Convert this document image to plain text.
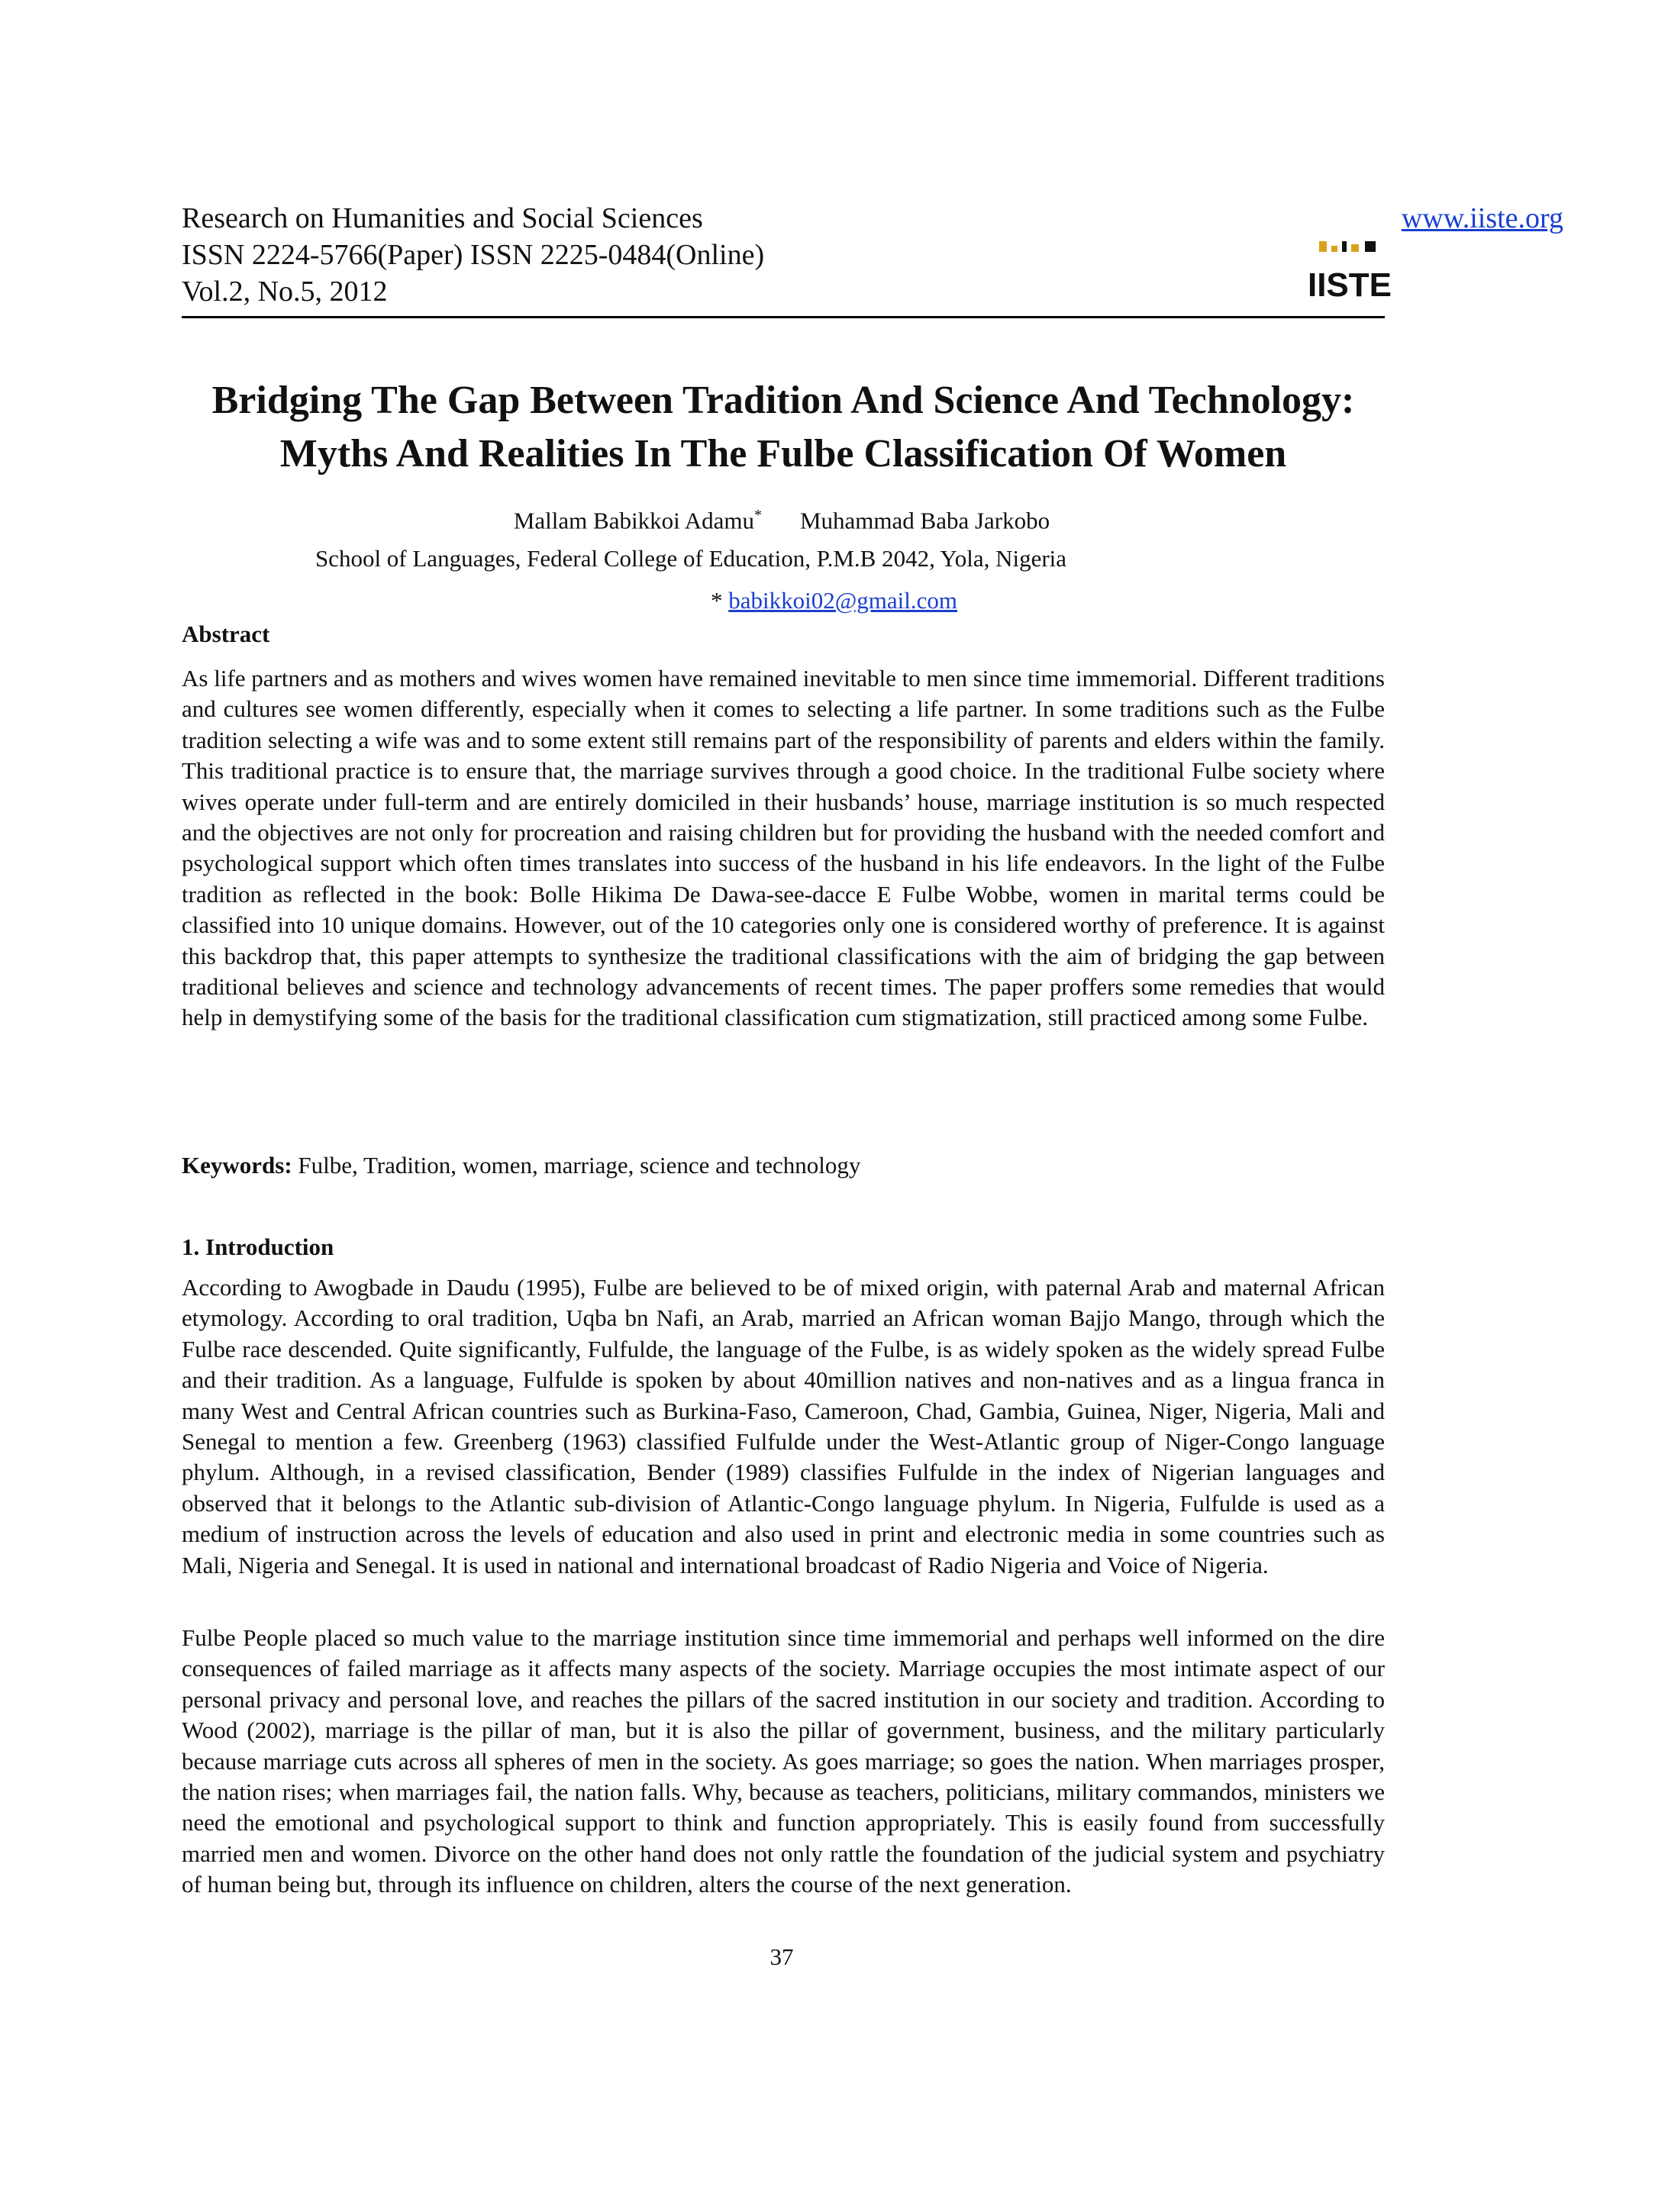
Research on Humanities and Social Sciences
ISSN 2224-5766(Paper) ISSN 2225-0484(Online)
Vol.2, No.5, 2012
www.iiste.org
IISTE
Bridging The Gap Between Tradition And Science And Technology:
Myths And Realities In The Fulbe Classification Of Women
Mallam Babikkoi Adamu* Muhammad Baba Jarkobo
School of Languages, Federal College of Education, P.M.B 2042, Yola, Nigeria
* babikkoi02@gmail.com
Abstract
As life partners and as mothers and wives women have remained inevitable to men since time immemorial. Different traditions and cultures see women differently, especially when it comes to selecting a life partner. In some traditions such as the Fulbe tradition selecting a wife was and to some extent still remains part of the responsibility of parents and elders within the family. This traditional practice is to ensure that, the marriage survives through a good choice. In the traditional Fulbe society where wives operate under full-term and are entirely domiciled in their husbands’ house, marriage institution is so much respected and the objectives are not only for procreation and raising children but for providing the husband with the needed comfort and psychological support which often times translates into success of the husband in his life endeavors. In the light of the Fulbe tradition as reflected in the book: Bolle Hikima De Dawa-see-dacce E Fulbe Wobbe, women in marital terms could be classified into 10 unique domains. However, out of the 10 categories only one is considered worthy of preference. It is against this backdrop that, this paper attempts to synthesize the traditional classifications with the aim of bridging the gap between traditional believes and science and technology advancements of recent times. The paper proffers some remedies that would help in demystifying some of the basis for the traditional classification cum stigmatization, still practiced among some Fulbe.
Keywords: Fulbe, Tradition, women, marriage, science and technology
1. Introduction
According to Awogbade in Daudu (1995), Fulbe are believed to be of mixed origin, with paternal Arab and maternal African etymology. According to oral tradition, Uqba bn Nafi, an Arab, married an African woman Bajjo Mango, through which the Fulbe race descended. Quite significantly, Fulfulde, the language of the Fulbe, is as widely spoken as the widely spread Fulbe and their tradition. As a language, Fulfulde is spoken by about 40million natives and non-natives and as a lingua franca in many West and Central African countries such as Burkina-Faso, Cameroon, Chad, Gambia, Guinea, Niger, Nigeria, Mali and Senegal to mention a few. Greenberg (1963) classified Fulfulde under the West-Atlantic group of Niger-Congo language phylum. Although, in a revised classification, Bender (1989) classifies Fulfulde in the index of Nigerian languages and observed that it belongs to the Atlantic sub-division of Atlantic-Congo language phylum. In Nigeria, Fulfulde is used as a medium of instruction across the levels of education and also used in print and electronic media in some countries such as Mali, Nigeria and Senegal. It is used in national and international broadcast of Radio Nigeria and Voice of Nigeria.
Fulbe People placed so much value to the marriage institution since time immemorial and perhaps well informed on the dire consequences of failed marriage as it affects many aspects of the society. Marriage occupies the most intimate aspect of our personal privacy and personal love, and reaches the pillars of the sacred institution in our society and tradition. According to Wood (2002), marriage is the pillar of man, but it is also the pillar of government, business, and the military particularly because marriage cuts across all spheres of men in the society. As goes marriage; so goes the nation. When marriages prosper, the nation rises; when marriages fail, the nation falls. Why, because as teachers, politicians, military commandos, ministers we need the emotional and psychological support to think and function appropriately. This is easily found from successfully married men and women. Divorce on the other hand does not only rattle the foundation of the judicial system and psychiatry of human being but, through its influence on children, alters the course of the next generation.
37
